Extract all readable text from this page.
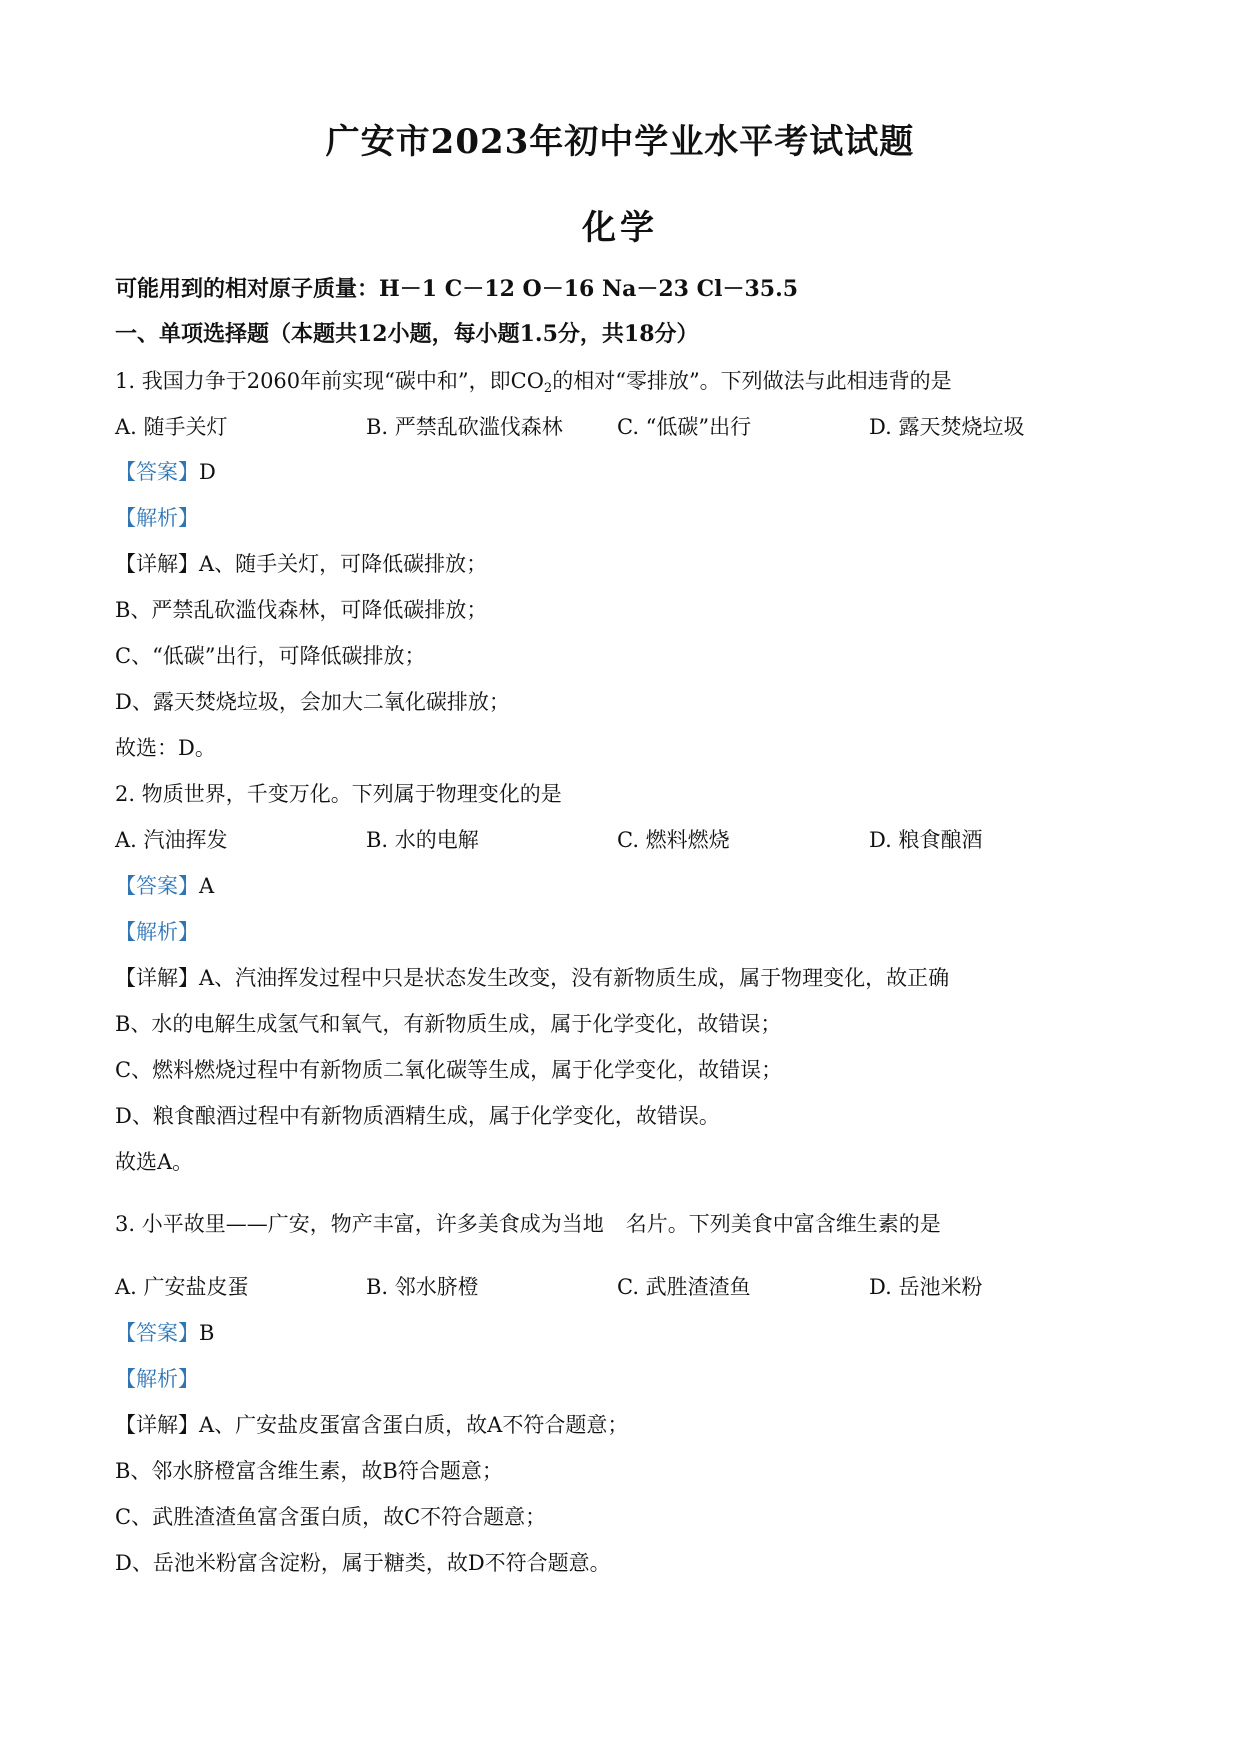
广安市2023年初中学业水平考试试题
化学
可能用到的相对原子质量：H－1 C－12 O－16 Na－23 Cl－35.5
一、单项选择题（本题共12小题，每小题1.5分，共18分）
1. 我国力争于2060年前实现“碳中和”，即$CO_2$的相对“零排放”。下列做法与此相违背的是
A. 随手关灯	B. 严禁乱砍滥伐森林	C. “低碳”出行	D. 露天焚烧垃圾
【答案】D
【解析】
【详解】A、随手关灯，可降低碳排放；
B、严禁乱砍滥伐森林，可降低碳排放；
C、“低碳”出行，可降低碳排放；
D、露天焚烧垃圾，会加大二氧化碳排放；
故选：D。
2. 物质世界，千变万化。下列属于物理变化的是
A. 汽油挥发	B. 水的电解	C. 燃料燃烧	D. 粮食酿酒
【答案】A
【解析】
【详解】A、汽油挥发过程中只是状态发生改变，没有新物质生成，属于物理变化，故正确
B、水的电解生成氢气和氧气，有新物质生成，属于化学变化，故错误；
C、燃料燃烧过程中有新物质二氧化碳等生成，属于化学变化，故错误；
D、粮食酿酒过程中有新物质酒精生成，属于化学变化，故错误。
故选A。
3. 小平故里——广安，物产丰富，许多美食成为当地 名片。下列美食中富含维生素的是
A. 广安盐皮蛋	B. 邻水脐橙	C. 武胜渣渣鱼	D. 岳池米粉
【答案】B
【解析】
【详解】A、广安盐皮蛋富含蛋白质，故A不符合题意；
B、邻水脐橙富含维生素，故B符合题意；
C、武胜渣渣鱼富含蛋白质，故C不符合题意；
D、岳池米粉富含淀粉，属于糖类，故D不符合题意。
